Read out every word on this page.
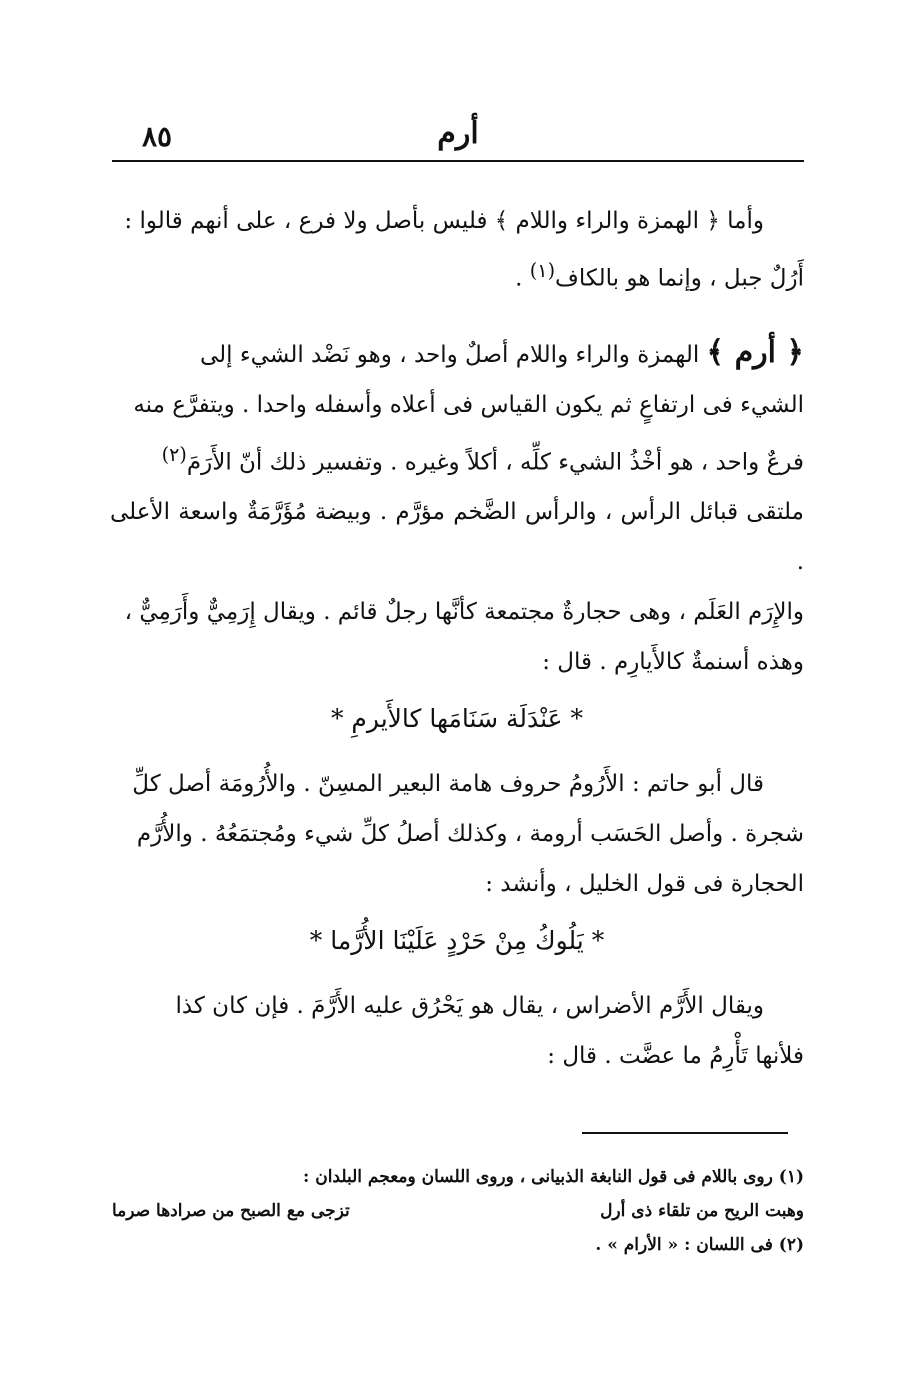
٨٥	أرم

وأما ﴿ الهمزة والراء واللام ﴾ فليس بأصل ولا فرع ، على أنهم قالوا :
أَرُلٌ جبل ، وإنما هو بالكاف$^{(١)}$ .

﴿ أرم ﴾ الهمزة والراء واللام أصلٌ واحد ، وهو نَضْد الشيء إلى
الشيء فى ارتفاعٍ ثم يكون القياس فى أعلاه وأسفله واحدا . ويتفرَّع منه
فرعٌ واحد ، هو أخْذُ الشيء كلِّه ، أكلاً وغيره . وتفسير ذلك أنّ الأَرَمَ$^{(٢)}$
ملتقى قبائل الرأس ، والرأس الضَّخم مؤرَّم . وبيضة مُؤَرَّمَةٌ واسعة الأعلى .
والإِرَم العَلَم ، وهى حجارةٌ مجتمعة كأنَّها رجلٌ قائم . ويقال إِرَمِيٌّ وأَرَمِيٌّ ،
وهذه أسنمةٌ كالأَيارِم . قال :

* عَنْدَلَة سَنَامَها كالأَيرمِ *

قال أبو حاتم : الأَرُومُ حروف هامة البعير المسِنّ . والأُرُومَة أصل كلِّ
شجرة . وأصل الحَسَب أرومة ، وكذلك أصلُ كلِّ شيء ومُجتمَعُهُ . والأُرَّم
الحجارة فى قول الخليل ، وأنشد :

* يَلُوكُ مِنْ حَرْدٍ عَلَيْنَا الأُرَّما *

ويقال الأَرَّم الأضراس ، يقال هو يَحْرُق عليه الأَرَّمَ . فإن كان كذا
فلأنها تَأْرِمُ ما عضَّت . قال :

(١) روى باللام فى قول النابغة الذبيانى ، وروى اللسان ومعجم البلدان :

وهبت الريح من تلقاء ذى أرل
تزجى مع الصبح من صرادها صرما

(٢) فى اللسان : « الأرام » .
